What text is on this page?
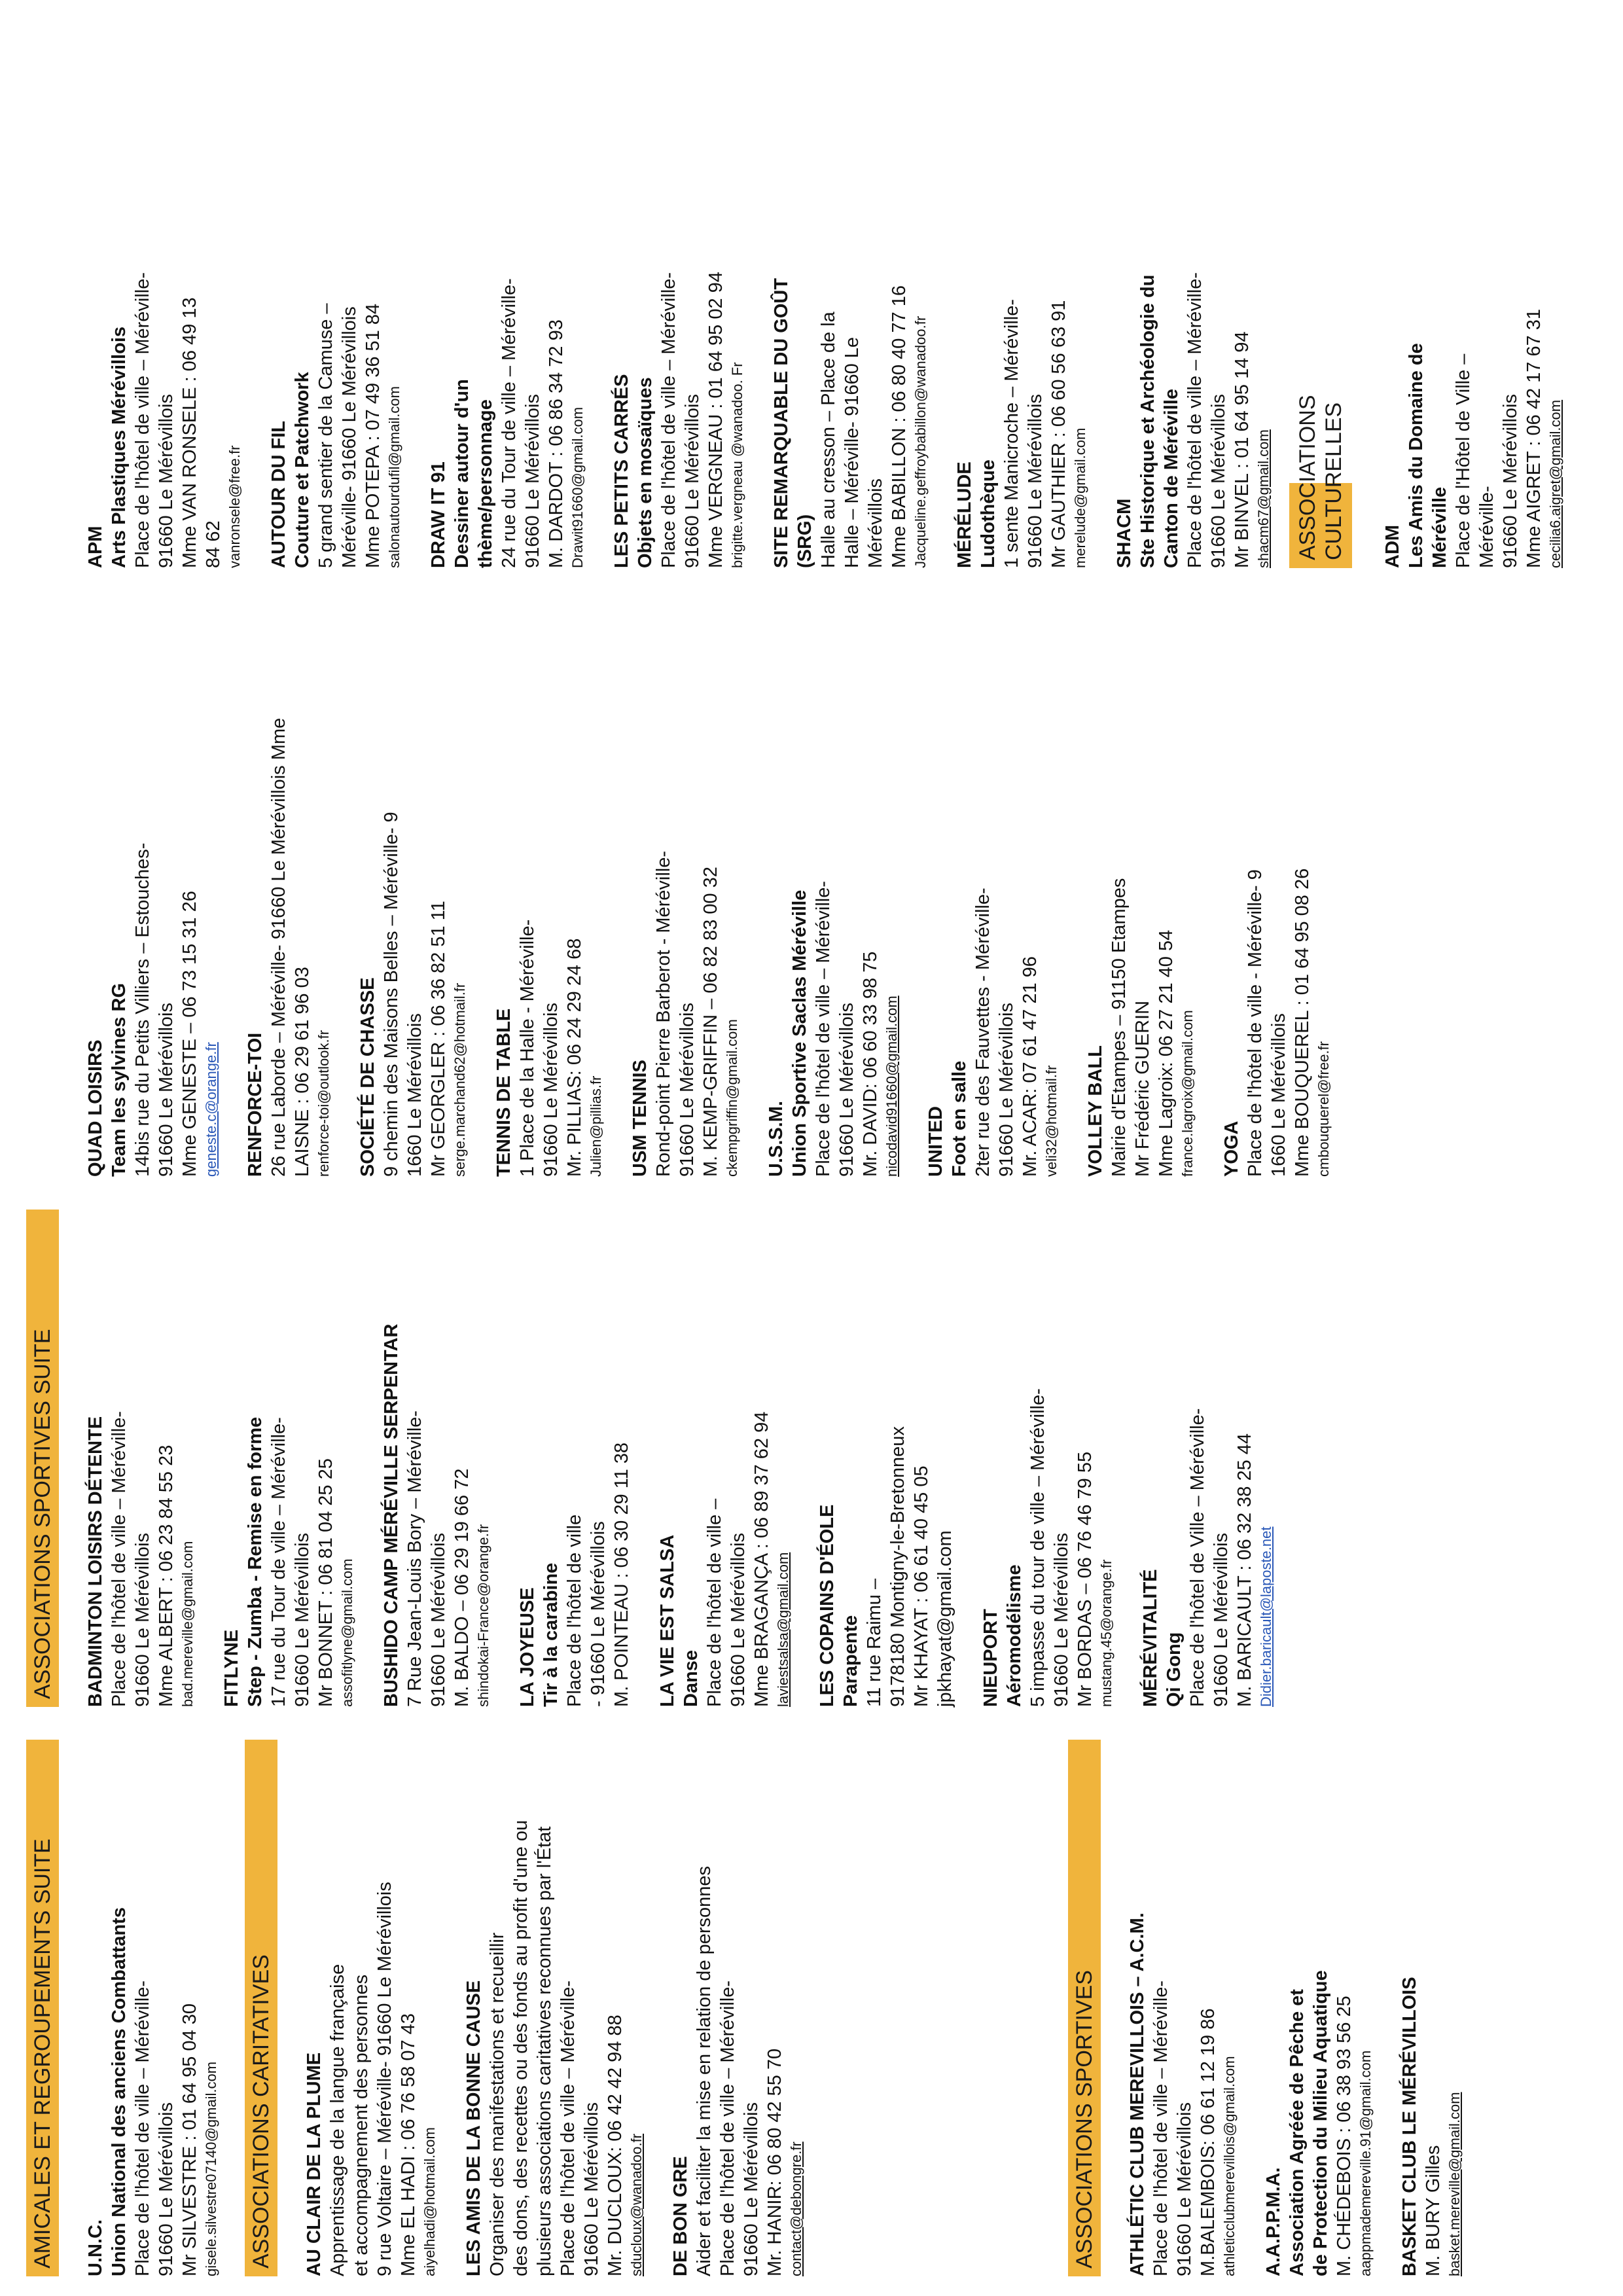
AMICALES ET REGROUPEMENTS SUITE U.N.C. Union National des anciens Combattants Place de l'hôtel de ville – Méréville- 91660 Le Mérévillois Mr SILVESTRE : 01 64 95 04 30 gisele.silvestre07140@gmail.com ASSOCIATIONS CARITATIVES AU CLAIR DE LA PLUME Apprentissage de la langue française et accompagnement des personnes 9 rue Voltaire – Méréville- 91660 Le Mérévillois Mme EL HADI : 06 76 58 07 43 aiyelhadi@hotmail.com LES AMIS DE LA BONNE CAUSE Organiser des manifestations et recueillir des dons, des recettes ou des fonds au profit d'une ou plusieurs associations caritatives reconnues par l'État Place de l'hôtel de ville – Méréville- 91660 Le Mérévillois Mr. DUCLOUX: 06 42 42 94 88 sducloux@wanadoo.fr DE BON GRE Aider et faciliter la mise en relation de personnes Place de l'hôtel de ville – Méréville- 91660 Le Mérévillois Mr. HANIR: 06 80 42 55 70 contact@debongre.fr	ASSOCIATIONS SPORTIVES ATHLÉTIC CLUB MEREVILLOIS – A.C.M. Place de l'hôtel de ville – Méréville- 91660 Le Mérévillois M.BALEMBOIS: 06 61 12 19 86 athleticclubmerevillois@gmail.com A.A.P.P.M.A. Association Agréée de Pêche et de Protection du Milieu Aquatique M. CHÉDEBOIS : 06 38 93 56 25 aappmademereville.91@gmail.com BASKET CLUB LE MÉRÉVILLOIS M. BURY Gilles basket.mereville@gmail.com
ASSOCIATIONS SPORTIVES SUITE BADMINTON LOISIRS DÉTENTE Place de l'hôtel de ville – Méréville- 91660 Le Mérévillois Mme ALBERT : 06 23 84 55 23 bad.mereville@gmail.com FITLYNE Step - Zumba - Remise en forme 17 rue du Tour de ville – Méréville- 91660 Le Mérévillois Mr BONNET : 06 81 04 25 25 assofitlyne@gmail.com BUSHIDO CAMP MÉRÉVILLE SERPENTAR 7 Rue Jean-Louis Bory – Méréville- 91660 Le Mérévillois M. BALDO – 06 29 19 66 72 shindokai-France@orange.fr LA JOYEUSE Tir à la carabine Place de l'hôtel de ville - 91660 Le Mérévillois M. POINTEAU : 06 30 29 11 38 LA VIE EST SALSA Danse Place de l'hôtel de ville – 91660 Le Mérévillois Mme BRAGANÇA : 06 89 37 62 94 laviestsalsa@gmail.com LES COPAINS D'ÉOLE Parapente 11 rue Raimu – 9178180 Montigny-le-Bretonneux Mr KHAYAT : 06 61 40 45 05 jpkhayat@gmail.com NIEUPORT Aéromodélisme 5 impasse du tour de ville – Méréville- 91660 Le Mérévillois Mr BORDAS – 06 76 46 79 55 mustang.45@orange.fr MÉRÉVITALITÉ Qi Gong Place de l'hôtel de Ville – Méréville- 91660 Le Mérévillois M. BARICAULT : 06 32 38 25 44 Didier.baricault@laposte.net
QUAD LOISIRS Team les sylvines RG 14bis rue du Petits Villiers – Estouches- 91660 Le Mérévillois Mme GENESTE – 06 73 15 31 26 geneste.c@orange.fr RENFORCE-TOI 26 rue Laborde – Méréville- 91660 Le Mérévillois Mme LAISNE : 06 29 61 96 03 renforce-toi@outlook.fr SOCIÉTÉ DE CHASSE 9 chemin des Maisons Belles – Méréville- 9 1660 Le Mérévillois Mr GEORGLER : 06 36 82 51 11 serge.marchand62@hotmail.fr TENNIS DE TABLE 1 Place de la Halle - Méréville- 91660 Le Mérévillois Mr. PILLIAS: 06 24 29 24 68 Julien@pillias.fr USM TENNIS Rond-point Pierre Barberot - Méréville- 91660 Le Mérévillois M. KEMP-GRIFFIN – 06 82 83 00 32 ckempgriffin@gmail.com U.S.S.M. Union Sportive Saclas Méréville Place de l'hôtel de ville – Méréville- 91660 Le Mérévillois Mr. DAVID: 06 60 33 98 75 nicodavid91660@gmail.com UNITED Foot en salle 2ter rue des Fauvettes - Méréville- 91660 Le Mérévillois Mr. ACAR: 07 61 47 21 96 veli32@hotmail.fr VOLLEY BALL Mairie d'Etampes – 91150 Etampes Mr Frédéric GUERIN Mme Lagroix: 06 27 21 40 54 france.lagroix@gmail.com YOGA Place de l'hôtel de ville - Méréville- 9 1660 Le Mérévillois Mme BOUQUEREL : 01 64 95 08 26 cmbouquerel@free.fr
APM Arts Plastiques Mérévillois Place de l'hôtel de ville – Méréville- 91660 Le Mérévillois Mme VAN RONSELE : 06 49 13 84 62 vanronsele@free.fr AUTOUR DU FIL Couture et Patchwork 5 grand sentier de la Camuse – Méréville- 91660 Le Mérévillois Mme POTEPA : 07 49 36 51 84 salonautourdufil@gmail.com DRAW IT 91 Dessiner autour d'un thème/personnage 24 rue du Tour de ville – Méréville- 91660 Le Mérévillois M. DARDOT : 06 86 34 72 93 Drawit91660@gmail.com LES PETITS CARRÉS Objets en mosaïques Place de l'hôtel de ville – Méréville- 91660 Le Mérévillois Mme VERGNEAU : 01 64 95 02 94 brigitte.vergneau @wanadoo. Fr SITE REMARQUABLE DU GOÛT (SRG) Halle au cresson – Place de la Halle – Méréville- 91660 Le Mérévillois Mme BABILLON : 06 80 40 77 16 Jacqueline.geffroybabillon@wanadoo.fr MÉRÉLUDE Ludothèque 1 sente Manicroche – Méréville- 91660 Le Mérévillois Mr GAUTHIER : 06 60 56 63 91 merelude@gmail.com SHACM Ste Historique et Archéologie du Canton de Méréville Place de l'hôtel de ville – Méréville- 91660 Le Mérévillois Mr BINVEL : 01 64 95 14 94 shacm67@gmail.com ASSOCIATIONS CULTURELLES	ADM Les Amis du Domaine de Méréville Place de l'Hôtel de Ville – Méréville- 91660 Le Mérévillois Mme AIGRET : 06 42 17 67 31 cecilia6.aigret@gmail.com
